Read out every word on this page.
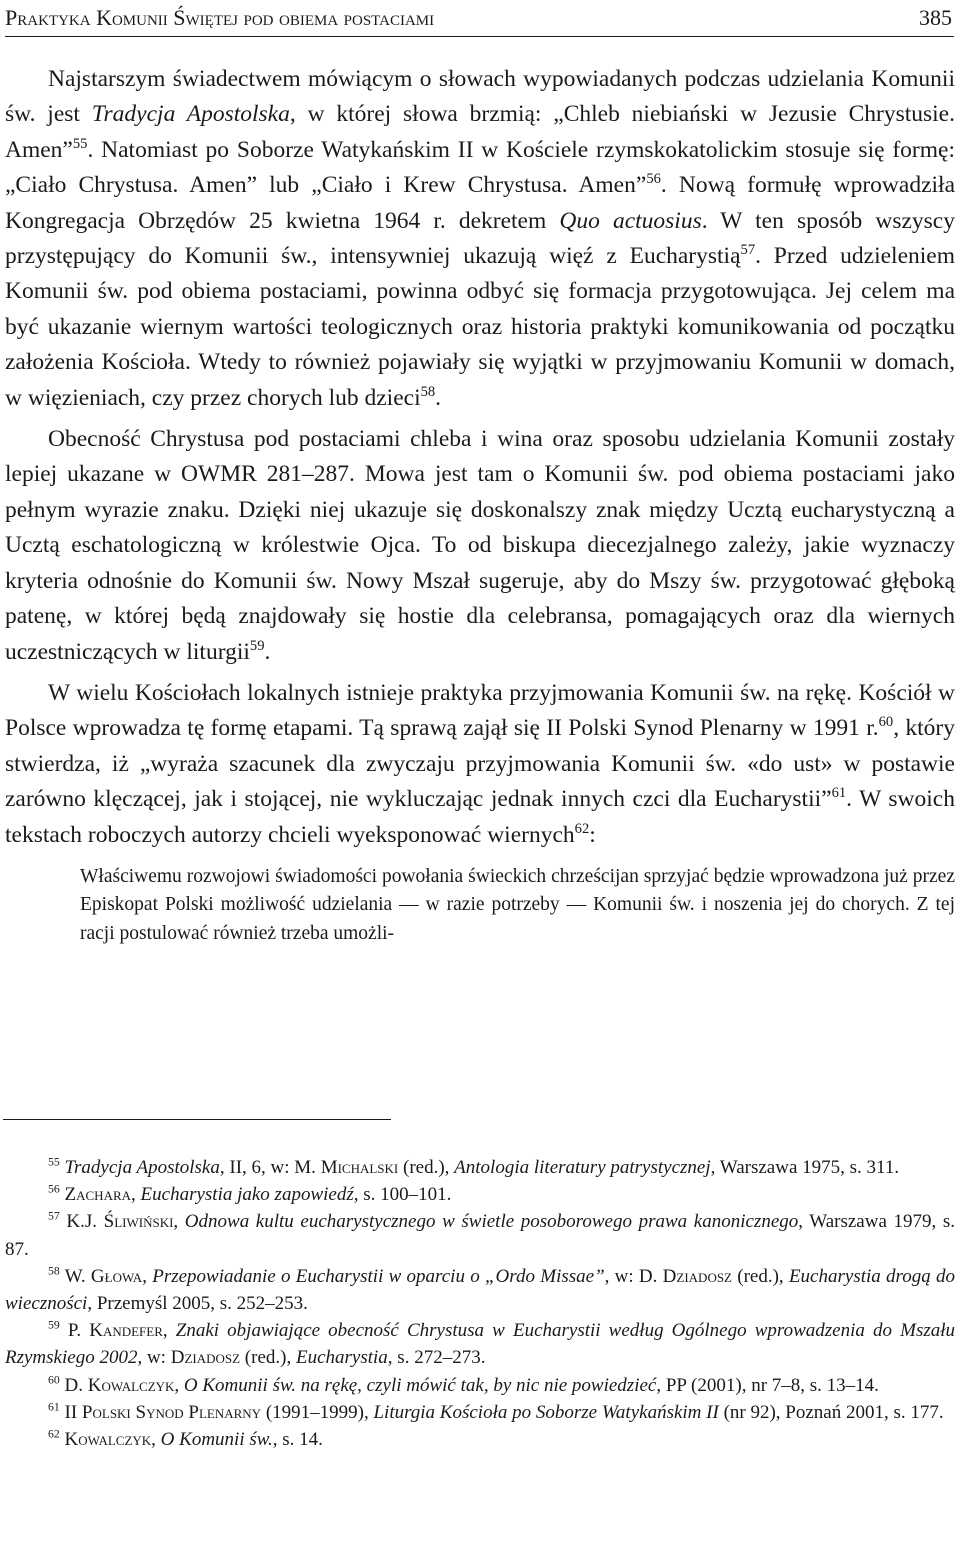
Praktyka Komunii Świętej pod obiema postaciami	385

Najstarszym świadectwem mówiącym o słowach wypowiadanych podczas udzielania Komunii św. jest Tradycja Apostolska, w której słowa brzmią: „Chleb niebiański w Jezusie Chrystusie. Amen”$^{55}$. Natomiast po Soborze Watykańskim II w Kościele rzymskokatolickim stosuje się formę: „Ciało Chrystusa. Amen” lub „Ciało i Krew Chrystusa. Amen”$^{56}$. Nową formułę wprowadziła Kongregacja Obrzędów 25 kwietna 1964 r. dekretem Quo actuosius. W ten sposób wszyscy przystępujący do Komunii św., intensywniej ukazują więź z Eucharystią$^{57}$. Przed udzieleniem Komunii św. pod obiema postaciami, powinna odbyć się formacja przygotowująca. Jej celem ma być ukazanie wiernym wartości teologicznych oraz historia praktyki komunikowania od początku założenia Kościoła. Wtedy to również pojawiały się wyjątki w przyjmowaniu Komunii w domach, w więzieniach, czy przez chorych lub dzieci$^{58}$.

Obecność Chrystusa pod postaciami chleba i wina oraz sposobu udzielania Komunii zostały lepiej ukazane w OWMR 281–287. Mowa jest tam o Komunii św. pod obiema postaciami jako pełnym wyrazie znaku. Dzięki niej ukazuje się doskonalszy znak między Ucztą eucharystyczną a Ucztą eschatologiczną w królestwie Ojca. To od biskupa diecezjalnego zależy, jakie wyznaczy kryteria odnośnie do Komunii św. Nowy Mszał sugeruje, aby do Mszy św. przygotować głęboką patenę, w której będą znajdowały się hostie dla celebransa, pomagających oraz dla wiernych uczestniczących w liturgii$^{59}$.

W wielu Kościołach lokalnych istnieje praktyka przyjmowania Komunii św. na rękę. Kościół w Polsce wprowadza tę formę etapami. Tą sprawą zajął się II Polski Synod Plenarny w 1991 r.$^{60}$, który stwierdza, iż „wyraża szacunek dla zwyczaju przyjmowania Komunii św. «do ust» w postawie zarówno klęczącej, jak i stojącej, nie wykluczając jednak innych czci dla Eucharystii”$^{61}$. W swoich tekstach roboczych autorzy chcieli wyeksponować wiernych$^{62}$:

Właściwemu rozwojowi świadomości powołania świeckich chrześcijan sprzyjać będzie wprowadzona już przez Episkopat Polski możliwość udzielania — w razie potrzeby — Komunii św. i noszenia jej do chorych. Z tej racji postulować również trzeba umożli-

$^{55}$ Tradycja Apostolska, II, 6, w: M. Michalski (red.), Antologia literatury patrystycznej, Warszawa 1975, s. 311.

$^{56}$ Zachara, Eucharystia jako zapowiedź, s. 100–101.

$^{57}$ K.J. Śliwiński, Odnowa kultu eucharystycznego w świetle posoborowego prawa kanonicznego, Warszawa 1979, s. 87.

$^{58}$ W. Głowa, Przepowiadanie o Eucharystii w oparciu o „Ordo Missae”, w: D. Dziadosz (red.), Eucharystia drogą do wieczności, Przemyśl 2005, s. 252–253.

$^{59}$ P. Kandefer, Znaki objawiające obecność Chrystusa w Eucharystii według Ogólnego wprowadzenia do Mszału Rzymskiego 2002, w: Dziadosz (red.), Eucharystia, s. 272–273.

$^{60}$ D. Kowalczyk, O Komunii św. na rękę, czyli mówić tak, by nic nie powiedzieć, PP (2001), nr 7–8, s. 13–14.

$^{61}$ II Polski Synod Plenarny (1991–1999), Liturgia Kościoła po Soborze Watykańskim II (nr 92), Poznań 2001, s. 177.

$^{62}$ Kowalczyk, O Komunii św., s. 14.
